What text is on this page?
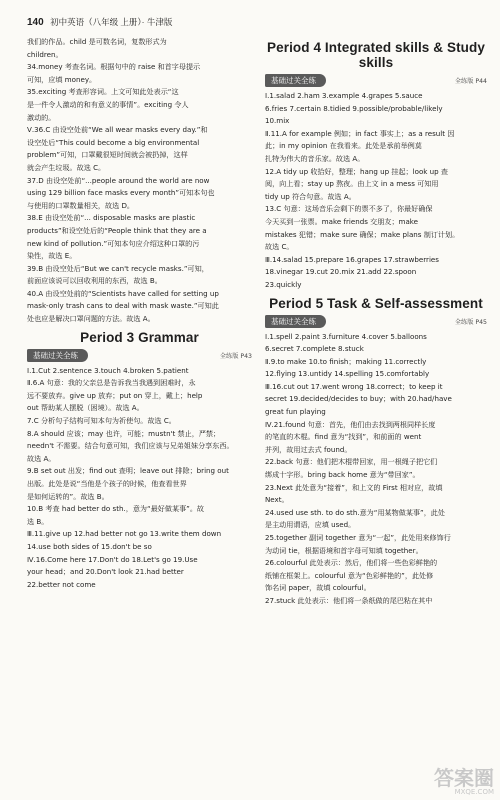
140 初中英语（八年级 上册）· 牛津版

我们的作品。child 是可数名词，复数形式为

children。

34.money 考查名词。根据句中的 raise 和首字母提示

可知，应填 money。

35.exciting 考查形容词。上文可知此处表示“这

是一件令人激动的和有意义的事情”。exciting 令人

激动的。

Ⅴ.36.C 由设空处前“We all wear masks every day.”和

设空处后“This could become a big environmental

problem”可知，口罩戴很短时间就会被扔掉，这样

就会产生垃圾。故选 C。

37.D 由设空处前“...people around the world are now

using 129 billion face masks every month”可知本句也

与使用的口罩数量相关，故选 D。

38.E 由设空处前“... disposable masks are plastic

products”和设空处后的“People think that they are a

new kind of pollution.”可知本句应介绍这种口罩的污

染性，故选 E。

39.B 由设空处后“But we can't recycle masks.”可知，

前面应该说可以回收利用的东西，故选 B。

40.A 由设空处前的“Scientists have called for setting up

mask-only trash cans to deal with mask waste.”可知此

处也应是解决口罩问题的方法。故选 A。

Period 3 Grammar
基础过关全练	全练版 P43

Ⅰ.1.Cut 2.sentence 3.touch 4.broken 5.patient

Ⅱ.6.A 句意：我的父亲总是告诉我当我遇到困难时，永

远不要放弃。give up 放弃；put on 穿上，戴上；help

out 帮助某人摆脱（困境）。故选 A。

7.C 分析句子结构可知本句为祈使句。故选 C。

8.A should 应该；may 也许，可能；mustn't 禁止，严禁；

needn't 不需要。结合句意可知，我们应该与兄弟姐妹分享东西。

故选 A。

9.B set out 出发；find out 查明；leave out 排除；bring out

出版。此处是说“当他是个孩子的时候，他查看世界

是如何运转的”。故选 B。

10.B 考查 had better do sth.，意为“最好做某事”。故

选 B。

Ⅲ.11.give up 12.had better not go 13.write them down

14.use both sides of 15.don't be so

Ⅳ.16.Come here 17.Don't do 18.Let's go 19.Use

your head；and 20.Don't look 21.had better

22.better not come

Period 4 Integrated skills & Study skills
基础过关全练	全练版 P44

Ⅰ.1.salad 2.ham 3.example 4.grapes 5.sauce

6.fries 7.certain 8.tidied 9.possible/probable/likely

10.mix

Ⅱ.11.A for example 例如；in fact 事实上；as a result 因

此；in my opinion 在我看来。此处是承前举例莫

扎特为伟大的音乐家。故选 A。

12.A tidy up 收拾好，整理；hang up 挂起；look up 查

阅，向上看；stay up 熬夜。由上文 in a mess 可知用

tidy up 符合句意。故选 A。

13.C 句意：这场音乐会剩下的票不多了，你最好确保

今天买到一张票。make friends 交朋友；make

mistakes 犯错；make sure 确保；make plans 制订计划。

故选 C。

Ⅲ.14.salad 15.prepare 16.grapes 17.strawberries

18.vinegar 19.cut 20.mix 21.add 22.spoon

23.quickly

Period 5 Task & Self-assessment
基础过关全练	全练版 P45

Ⅰ.1.spell 2.paint 3.furniture 4.cover 5.balloons

6.secret 7.complete 8.stuck

Ⅱ.9.to make 10.to finish；making 11.correctly

12.flying 13.untidy 14.spelling 15.comfortably

Ⅲ.16.cut out 17.went wrong 18.correct；to keep it

secret 19.decided/decides to buy；with 20.had/have

great fun playing

Ⅳ.21.found 句意：首先，他们由去找到两根同样长度

的笔直的木棍。find 意为“找到”，和前面的 went

并列，故用过去式 found。

22.back 句意：他们把木棍带回家，用一根绳子把它们

绑成十字形。bring back home 意为“带回家”。

23.Next 此处意为“接着”，和上文的 First 相对应，故填

Next。

24.used use sth. to do sth.意为“用某物做某事”，此处

是主动用谓语，应填 used。

25.together 副词 together 意为“一起”，此处用来修饰行

为动词 tie，根据语境和首字母可知填 together。

26.colourful 此处表示：然后，他们将一些色彩鲜艳的

纸铺在框架上。colourful 意为“色彩鲜艳的”，此处修

饰名词 paper，故填 colourful。

27.stuck 此处表示：他们将一条纸做的尾巴粘在其中

答案圈
MXQE.COM
